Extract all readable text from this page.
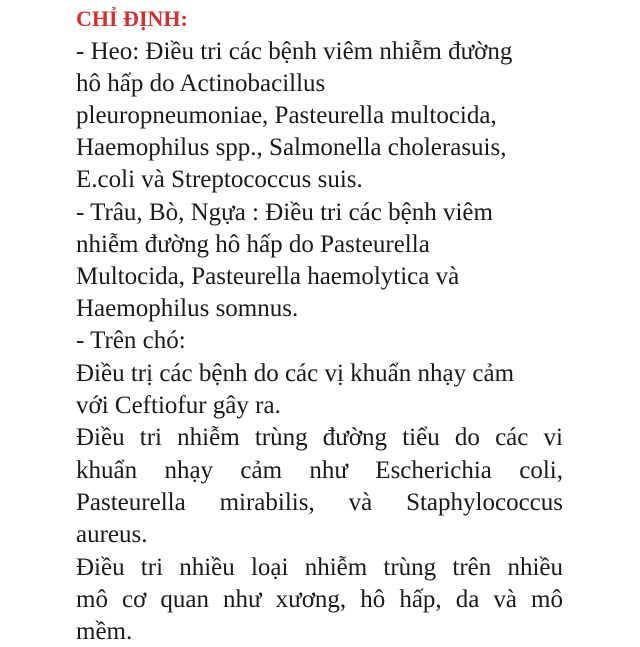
CHỈ ĐỊNH:
- Heo: Điều tri các bệnh viêm nhiễm đường
hô hấp do Actinobacillus
pleuropneumoniae, Pasteurella multocida,
Haemophilus spp., Salmonella cholerasuis,
E.coli và Streptococcus suis.
- Trâu, Bò, Ngựa : Điều tri các bệnh viêm
nhiễm đường hô hấp do Pasteurella
Multocida, Pasteurella haemolytica và
Haemophilus somnus.
- Trên chó:
Điều trị các bệnh do các vị khuẩn nhạy cảm
với Ceftiofur gây ra.
Điều tri nhiễm trùng đường tiểu do các vi
khuẩn nhạy cảm như Escherichia coli,
Pasteurella mirabilis, và Staphylococcus
aureus.
Điều tri nhiều loại nhiễm trùng trên nhiều
mô cơ quan như xương, hô hấp, da và mô
mềm.
